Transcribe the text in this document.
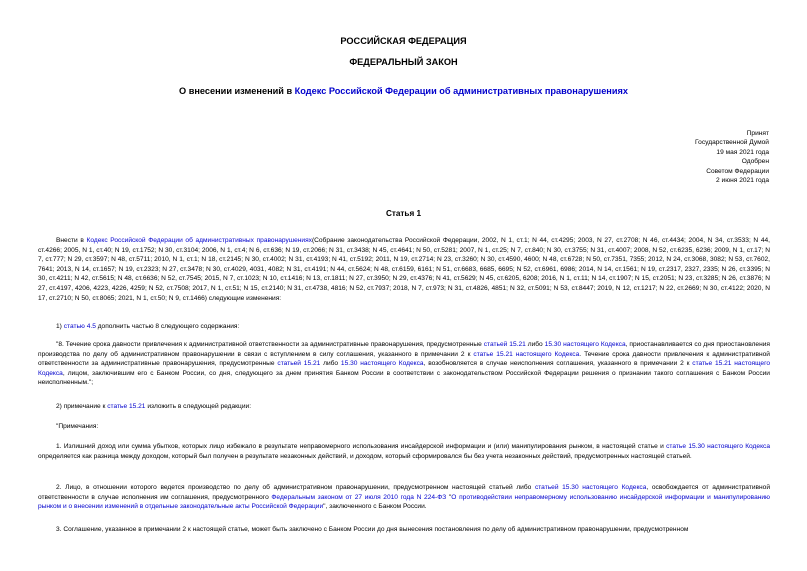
РОССИЙСКАЯ ФЕДЕРАЦИЯ
ФЕДЕРАЛЬНЫЙ ЗАКОН
О внесении изменений в Кодекс Российской Федерации об административных правонарушениях
Принят
Государственной Думой
19 мая 2021 года
Одобрен
Советом Федерации
2 июня 2021 года
Статья 1

Внести в Кодекс Российской Федерации об административных правонарушениях(Собрание законодательства Российской Федерации, 2002, N 1, ст.1; N 44, ст.4295; 2003, N 27, ст.2708; N 46, ст.4434; 2004, N 34, ст.3533; N 44, ст.4266; 2005, N 1, ст.40; N 19, ст.1752; N 30, ст.3104; 2006, N 1, ст.4; N 6, ст.636; N 19, ст.2066; N 31, ст.3438; N 45, ст.4641; N 50, ст.5281; 2007, N 1, ст.25; N 7, ст.840; N 30, ст.3755; N 31, ст.4007; 2008, N 52, ст.6235, 6236; 2009, N 1, ст.17; N 7, ст.777; N 29, ст.3597; N 48, ст.5711; 2010, N 1, ст.1; N 18, ст.2145; N 30, ст.4002; N 31, ст.4193; N 41, ст.5192; 2011, N 19, ст.2714; N 23, ст.3260; N 30, ст.4590, 4600; N 48, ст.6728; N 50, ст.7351, 7355; 2012, N 24, ст.3068, 3082; N 53, ст.7602, 7641; 2013, N 14, ст.1657; N 19, ст.2323; N 27, ст.3478; N 30, ст.4029, 4031, 4082; N 31, ст.4191; N 44, ст.5624; N 48, ст.6159, 6161; N 51, ст.6683, 6685, 6695; N 52, ст.6961, 6986; 2014, N 14, ст.1561; N 19, ст.2317, 2327, 2335; N 26, ст.3395; N 30, ст.4211; N 42, ст.5615; N 48, ст.6636; N 52, ст.7545; 2015, N 7, ст.1023; N 10, ст.1416; N 13, ст.1811; N 27, ст.3950; N 29, ст.4376; N 41, ст.5629; N 45, ст.6205, 6208; 2016, N 1, ст.11; N 14, ст.1907; N 15, ст.2051; N 23, ст.3285; N 26, ст.3876; N 27, ст.4197, 4206, 4223, 4226, 4259; N 52, ст.7508; 2017, N 1, ст.51; N 15, ст.2140; N 31, ст.4738, 4816; N 52, ст.7937; 2018, N 7, ст.973; N 31, ст.4826, 4851; N 32, ст.5091; N 53, ст.8447; 2019, N 12, ст.1217; N 22, ст.2669; N 30, ст.4122; 2020, N 17, ст.2710; N 50, ст.8065; 2021, N 1, ст.50; N 9, ст.1466) следующие изменения:

1) статью 4.5 дополнить частью 8 следующего содержания:

"8. Течение срока давности привлечения к административной ответственности за административные правонарушения, предусмотренные статьей 15.21 либо 15.30 настоящего Кодекса, приостанавливается со дня приостановления производства по делу об административном правонарушении в связи с вступлением в силу соглашения, указанного в примечании 2 к статье 15.21 настоящего Кодекса. Течение срока давности привлечения к административной ответственности за административные правонарушения, предусмотренные статьей 15.21 либо 15.30 настоящего Кодекса, возобновляется в случае неисполнения соглашения, указанного в примечании 2 к статье 15.21 настоящего Кодекса, лицом, заключившим его с Банком России, со дня, следующего за днем принятия Банком России в соответствии с законодательством Российской Федерации решения о признании такого соглашения с Банком России неисполненным.";

2) примечание к статье 15.21 изложить в следующей редакции:

"Примечания:

1. Излишний доход или сумма убытков, которых лицо избежало в результате неправомерного использования инсайдерской информации и (или) манипулирования рынком, в настоящей статье и статье 15.30 настоящего Кодекса определяется как разница между доходом, который был получен в результате незаконных действий, и доходом, который сформировался бы без учета незаконных действий, предусмотренных настоящей статьей.

2. Лицо, в отношении которого ведется производство по делу об административном правонарушении, предусмотренном настоящей статьей либо статьей 15.30 настоящего Кодекса, освобождается от административной ответственности в случае исполнения им соглашения, предусмотренного Федеральным законом от 27 июля 2010 года N 224-ФЗ "О противодействии неправомерному использованию инсайдерской информации и манипулированию рынком и о внесении изменений в отдельные законодательные акты Российской Федерации", заключенного с Банком России.

3. Соглашение, указанное в примечании 2 к настоящей статье, может быть заключено с Банком России до дня вынесения постановления по делу об административном правонарушении, предусмотренном
